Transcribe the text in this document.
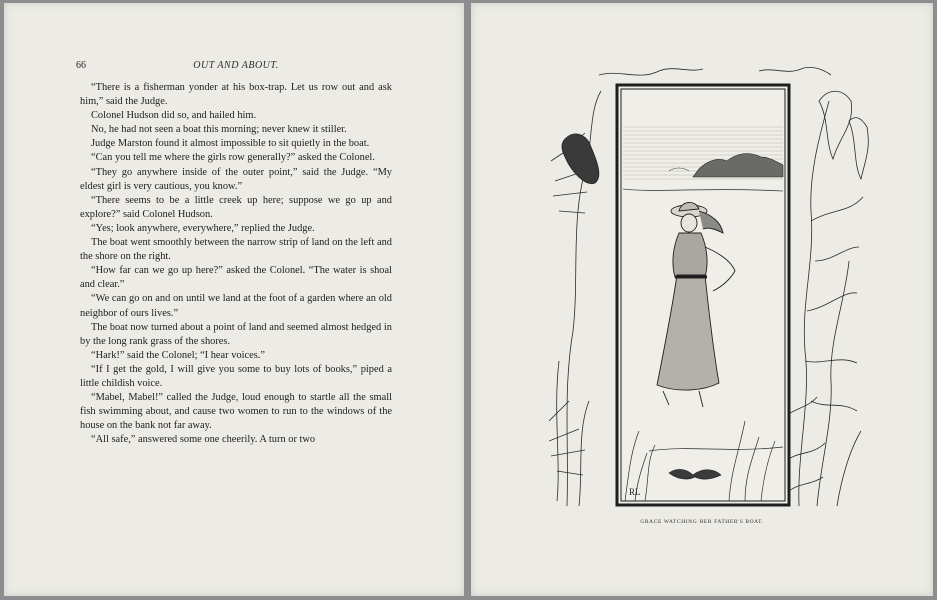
66	OUT AND ABOUT.

“There is a fisherman yonder at his box-trap. Let us row out and ask him,” said the Judge.

Colonel Hudson did so, and hailed him.

No, he had not seen a boat this morning; never knew it stiller.

Judge Marston found it almost impossible to sit quietly in the boat.

“Can you tell me where the girls row generally?” asked the Colonel.

“They go anywhere inside of the outer point,” said the Judge. “My eldest girl is very cautious, you know.”

“There seems to be a little creek up here; suppose we go up and explore?” said Colonel Hudson.

“Yes; look anywhere, everywhere,” replied the Judge.

The boat went smoothly between the narrow strip of land on the left and the shore on the right.

“How far can we go up here?” asked the Colonel. “The water is shoal and clear.”

“We can go on and on until we land at the foot of a garden where an old neighbor of ours lives.”

The boat now turned about a point of land and seemed almost hedged in by the long rank grass of the shores.

“Hark!” said the Colonel; “I hear voices.”

“If I get the gold, I will give you some to buy lots of books,” piped a little childish voice.

“Mabel, Mabel!” called the Judge, loud enough to startle all the small fish swimming about, and cause two women to run to the windows of the house on the bank not far away.

“All safe,” answered some one cheerily. A turn or two

RL
GRACE WATCHING HER FATHER'S BOAT.
